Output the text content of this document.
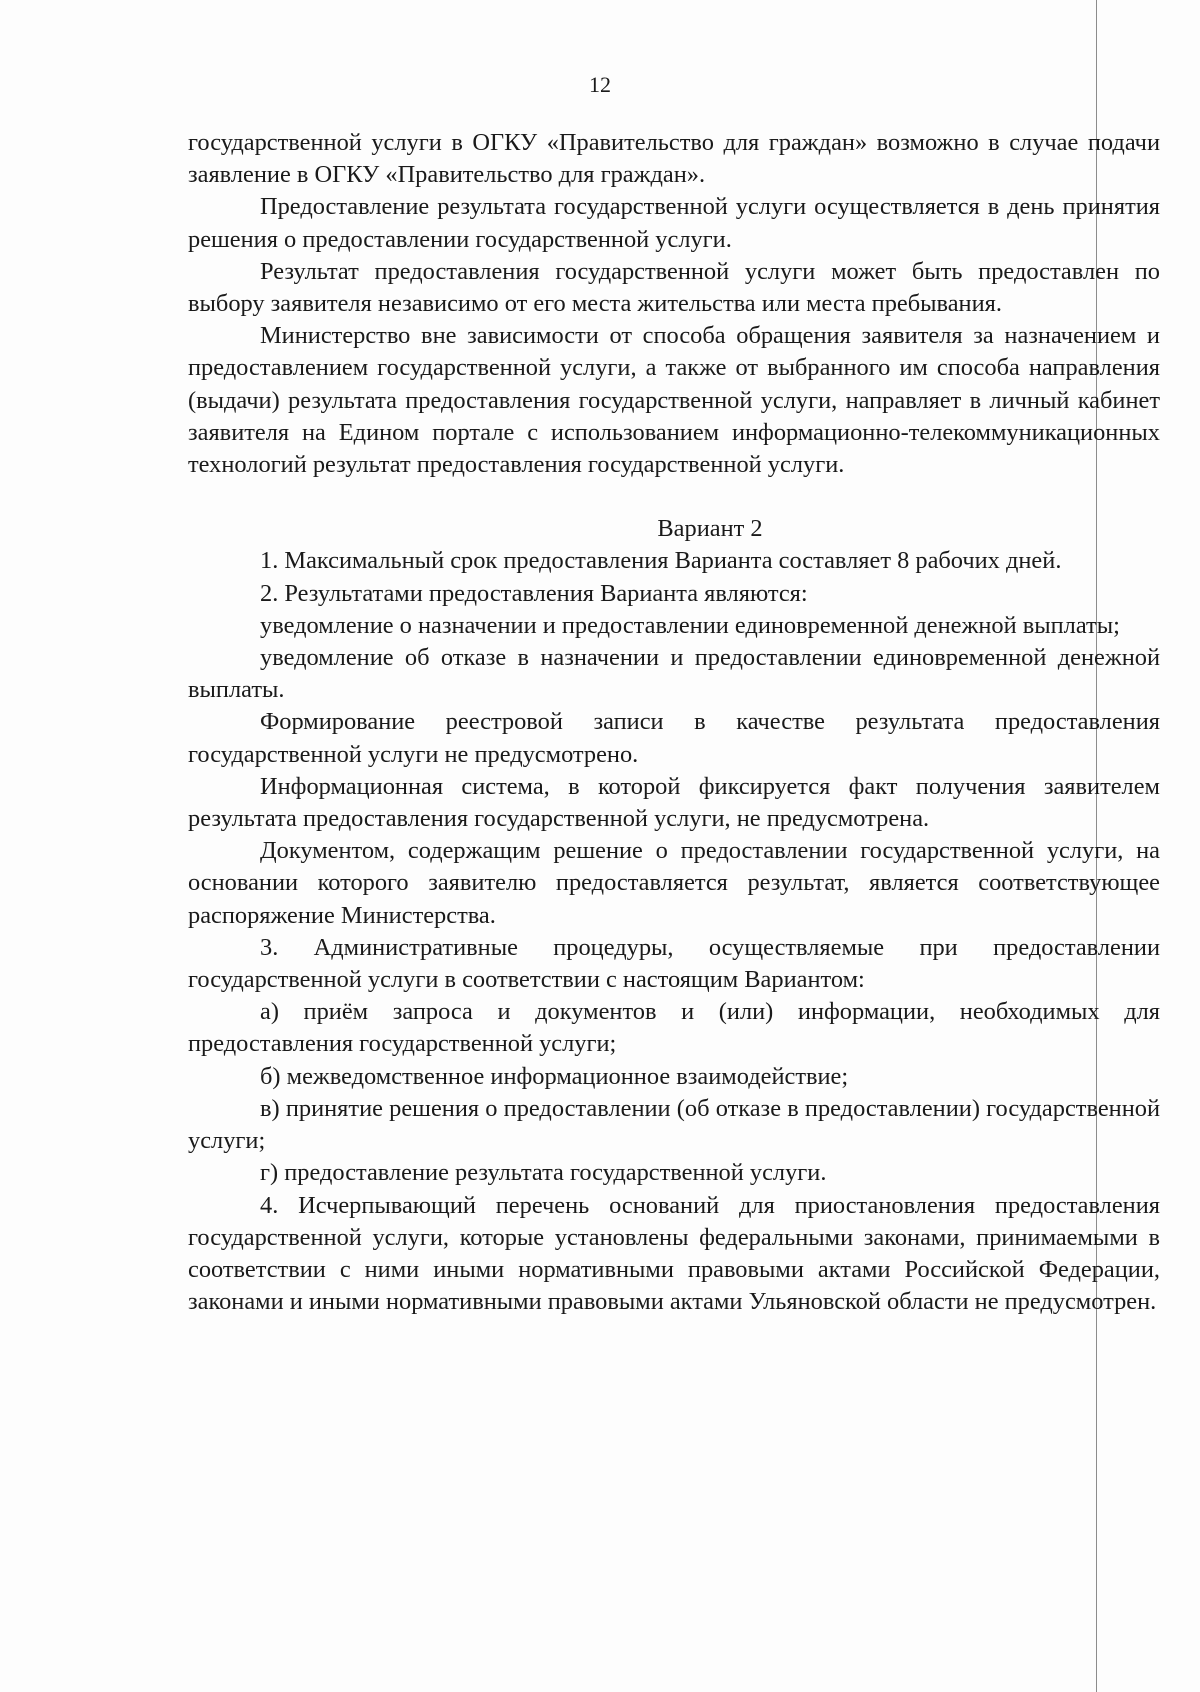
12

государственной услуги в ОГКУ «Правительство для граждан» возможно в случае подачи заявление в ОГКУ «Правительство для граждан».

Предоставление результата государственной услуги осуществляется в день принятия решения о предоставлении государственной услуги.

Результат предоставления государственной услуги может быть предоставлен по выбору заявителя независимо от его места жительства или места пребывания.

Министерство вне зависимости от способа обращения заявителя за назначением и предоставлением государственной услуги, а также от выбранного им способа направления (выдачи) результата предоставления государственной услуги, направляет в личный кабинет заявителя на Едином портале с использованием информационно-телекоммуникационных технологий результат предоставления государственной услуги.

Вариант 2

1. Максимальный срок предоставления Варианта составляет 8 рабочих дней.

2. Результатами предоставления Варианта являются:

уведомление о назначении и предоставлении единовременной денежной выплаты;

уведомление об отказе в назначении и предоставлении единовременной денежной выплаты.

Формирование реестровой записи в качестве результата предоставления государственной услуги не предусмотрено.

Информационная система, в которой фиксируется факт получения заявителем результата предоставления государственной услуги, не предусмотрена.

Документом, содержащим решение о предоставлении государственной услуги, на основании которого заявителю предоставляется результат, является соответствующее распоряжение Министерства.

3. Административные процедуры, осуществляемые при предоставлении государственной услуги в соответствии с настоящим Вариантом:

а) приём запроса и документов и (или) информации, необходимых для предоставления государственной услуги;

б) межведомственное информационное взаимодействие;

в) принятие решения о предоставлении (об отказе в предоставлении) государственной услуги;

г) предоставление результата государственной услуги.

4. Исчерпывающий перечень оснований для приостановления предоставления государственной услуги, которые установлены федеральными законами, принимаемыми в соответствии с ними иными нормативными правовыми актами Российской Федерации, законами и иными нормативными правовыми актами Ульяновской области не предусмотрен.
